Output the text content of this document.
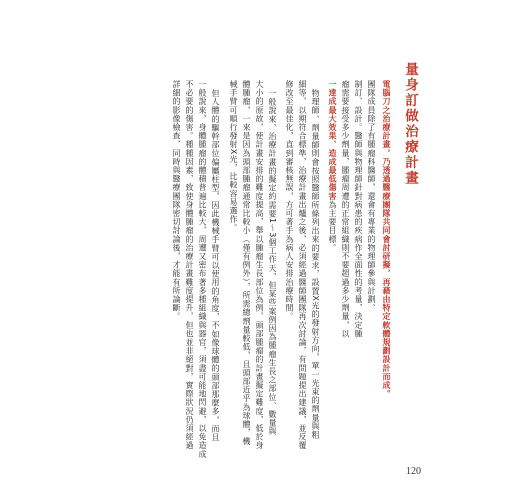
量身訂做治療計畫
電腦刀之治療計畫，乃透過醫療團隊共同會討研擬，再藉由特定軟體規劃設計而成。
團隊成員除了有腫瘤科醫師，還會有專業的物理師參與計劃、
制訂、設計。醫師與物理師針對病患的疾病作全面性的考量，決定腫
瘤需要接受多少劑量，腫瘤周遭的正常組織則不要超過多少劑量，以
一達成最大效果、造成最低傷害為主要目標。
物理師、劑量師則會按照醫師所條列出來的要求，設置X光的發射方向，單一光束的劑量與粗
細等，以期符合標準，治療計畫出爐之後，必須經過醫師團隊再次討論，有問題提出建議，並反覆
修改至最佳化，直到審核無誤，方可著手為病人安排治療時間。
一般說來，治療計畫的擬定約需要1～3個工作天，但某些案例因為腫瘤生長之部位、數量與
大小的原故，使計畫安排的難度提高，舉以腫瘤生長部位為例，頭部腫瘤的計畫擬定難度，低於身
體腫瘤，一來是因為頭部腫瘤通常比較小（僅有例外），所需總劑量較低，且頭部近乎為球體，機
械手臂可順行發射X光，比較容易選作。
但人體的驅幹部位偏屬柱型，因此機械手臂可以使用的角度，不如像球體的頭部那麼多，而且
一般說來，身體腫瘤的體積普遍比較大，周遭又密布著多種組織與器官，須盡可能地閃避，以免造成
不必要的傷害。種種因素，致使身體腫瘤的治療計畫難度提升，但也並非絕對，實際狀況仍須經過
詳細的影像檢查，同時與醫療團隊密切討論後，才能有所論斷。
120
